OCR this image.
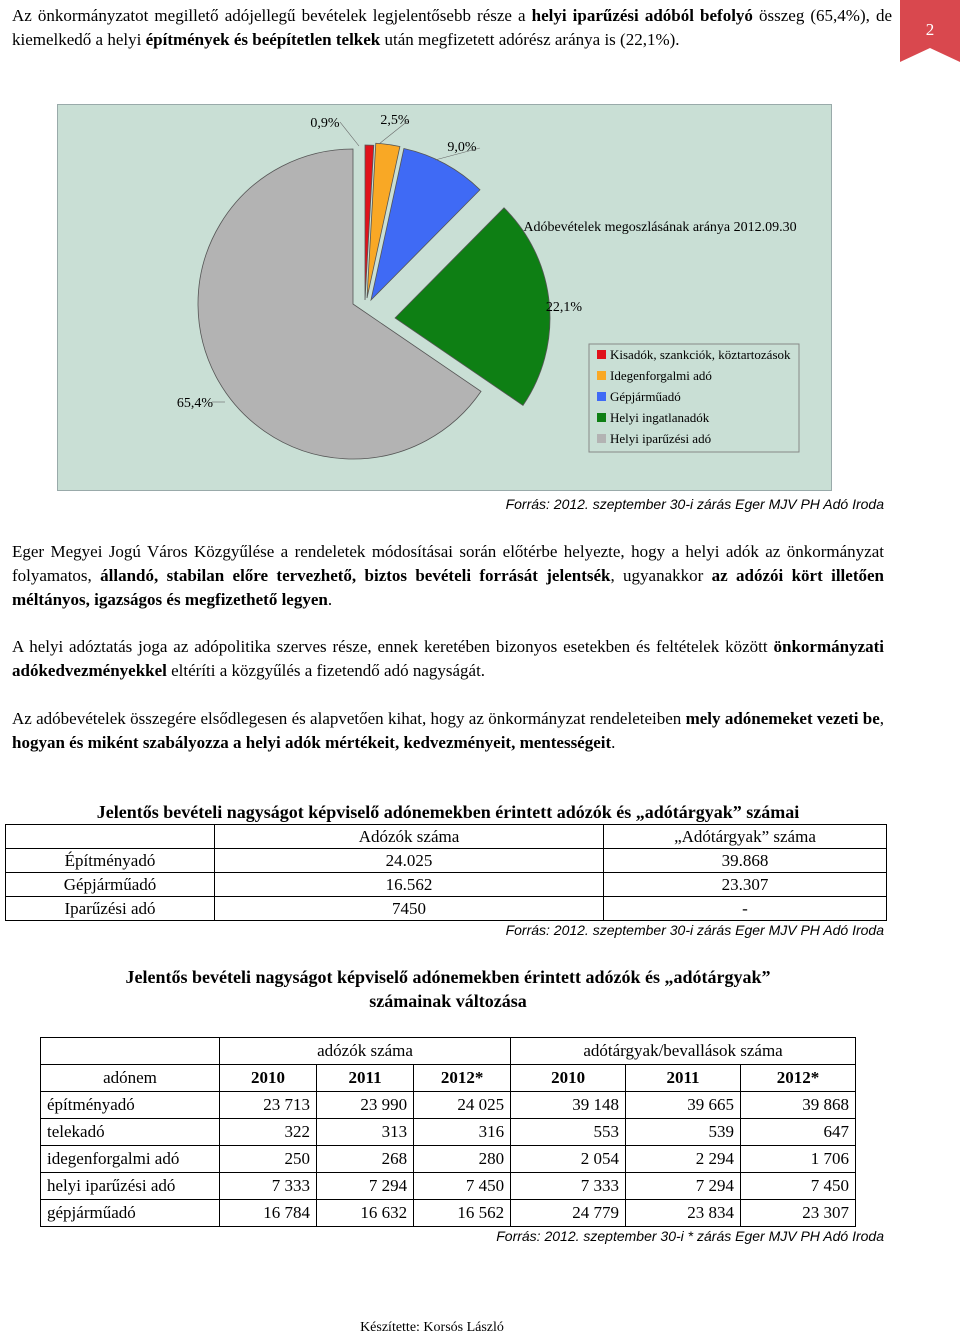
2

Az önkormányzatot megillető adójellegű bevételek legjelentősebb része a helyi iparűzési adóból befolyó összeg (65,4%), de kiemelkedő a helyi építmények és beépítetlen telkek után megfizetett adórész aránya is (22,1%).

0,9%	2,5%
9,0%
22,1%
65,4%
Adóbevételek megoszlásának aránya 2012.09.30
Kisadók, szankciók, köztartozások
Idegenforgalmi adó
Gépjárműadó
Helyi ingatlanadók
Helyi iparűzési adó
Forrás: 2012. szeptember 30-i zárás Eger MJV PH Adó Iroda

Eger Megyei Jogú Város Közgyűlése a rendeletek módosításai során előtérbe helyezte, hogy a helyi adók az önkormányzat folyamatos, állandó, stabilan előre tervezhető, biztos bevételi forrását jelentsék, ugyanakkor az adózói kört illetően méltányos, igazságos és megfizethető legyen.

A helyi adóztatás joga az adópolitika szerves része, ennek keretében bizonyos esetekben és feltételek között önkormányzati adókedvezményekkel eltéríti a közgyűlés a fizetendő adó nagyságát.

Az adóbevételek összegére elsődlegesen és alapvetően kihat, hogy az önkormányzat rendeleteiben mely adónemeket vezeti be, hogyan és miként szabályozza a helyi adók mértékeit, kedvezményeit, mentességeit.

Jelentős bevételi nagyságot képviselő adónemekben érintett adózók és „adótárgyak” számai
	Adózók száma	„Adótárgyak” száma
Építményadó	24.025	39.868
Gépjárműadó	16.562	23.307
Iparűzési adó	7450	-
Forrás: 2012. szeptember 30-i zárás Eger MJV PH Adó Iroda
Jelentős bevételi nagyságot képviselő adónemekben érintett adózók és „adótárgyak”
számainak változása
	adózók száma			adótárgyak/bevallások száma		
adónem	2010	2011	2012*	2010	2011	2012*
építményadó	23 713	23 990	24 025	39 148	39 665	39 868
telekadó	322	313	316	553	539	647
idegenforgalmi adó	250	268	280	2 054	2 294	1 706
helyi iparűzési adó	7 333	7 294	7 450	7 333	7 294	7 450
gépjárműadó	16 784	16 632	16 562	24 779	23 834	23 307
Forrás: 2012. szeptember 30-i * zárás Eger MJV PH Adó Iroda
Készítette: Korsós László
